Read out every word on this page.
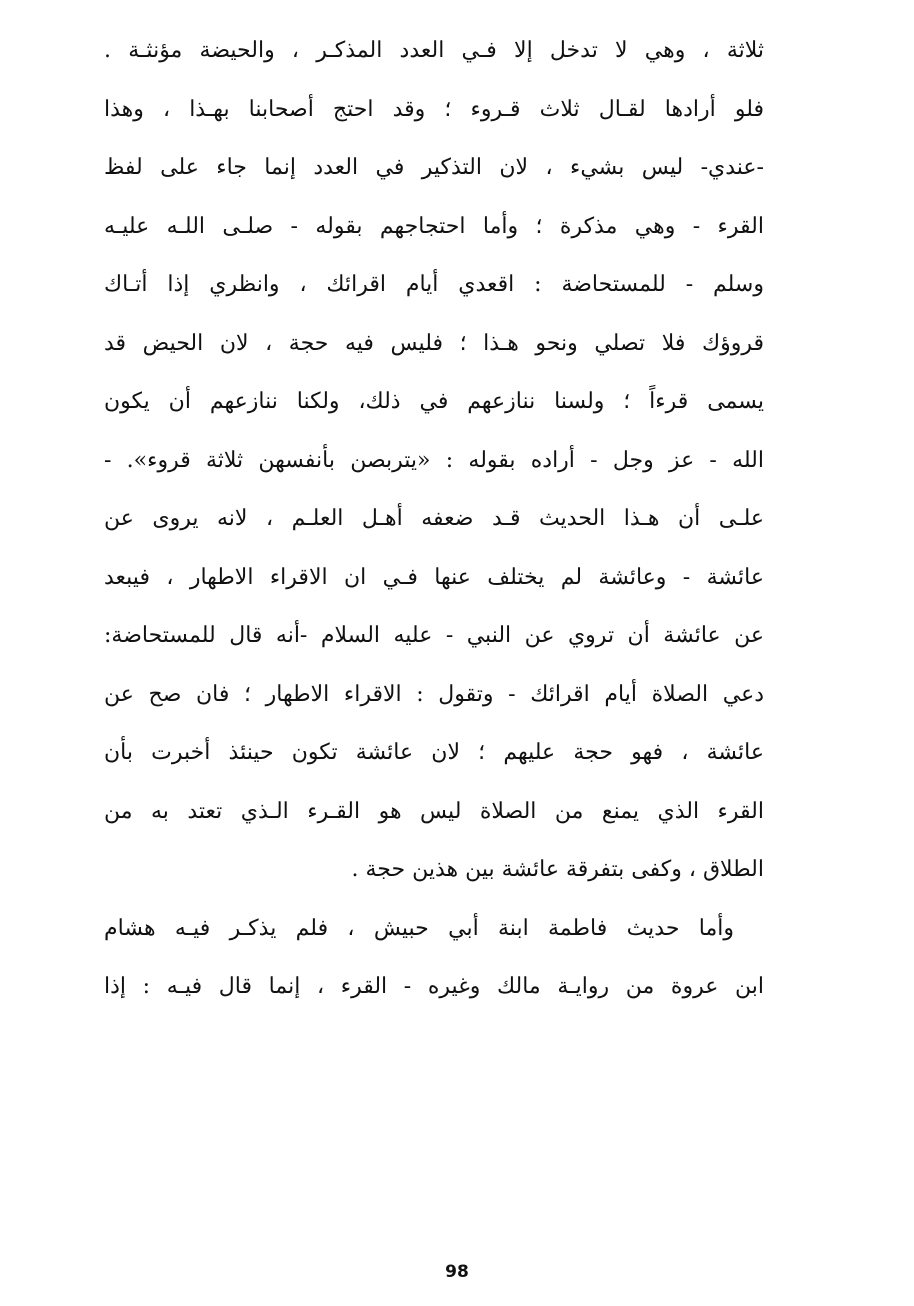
ثلاثة ، وهي لا تدخل إلا فـي العدد المذكـر ، والحيضة مؤنثـة .
فلو أرادها لقـال ثلاث قـروء ؛ وقد احتج أصحابنا بهـذا ، وهذا
-عندي- ليس بشيء ، لان التذكير في العدد إنما جاء على لفظ
القرء - وهي مذكرة ؛ وأما احتجاجهم بقوله - صلـى اللـه عليـه
وسلم - للمستحاضة : اقعدي أيام اقرائك ، وانظري إذا أتـاك
قروؤك فلا تصلي ونحو هـذا ؛ فليس فيه حجة ، لان الحيض قد
يسمى قرءاً ؛ ولسنا ننازعهم في ذلك، ولكنا ننازعهم أن يكون
الله - عز وجل - أراده بقوله : «يتربصن بأنفسهن ثلاثة قروء». -
علـى أن هـذا الحديث قـد ضعفه أهـل العلـم ، لانه يروى عن
عائشة - وعائشة لم يختلف عنها فـي ان الاقراء الاطهار ، فيبعد
عن عائشة أن تروي عن النبي - عليه السلام -أنه قال للمستحاضة:
دعي الصلاة أيام اقرائك - وتقول : الاقراء الاطهار ؛ فان صح عن
عائشة ، فهو حجة عليهم ؛ لان عائشة تكون حينئذ أخبرت بأن
القرء الذي يمنع من الصلاة ليس هو القـرء الـذي تعتد به من
الطلاق ، وكفى بتفرقة عائشة بين هذين حجة .
وأما حديث فاطمة ابنة أبي حبيش ، فلم يذكـر فيـه هشام
ابن عروة من روايـة مالك وغيره - القرء ، إنما قال فيـه : إذا
98
